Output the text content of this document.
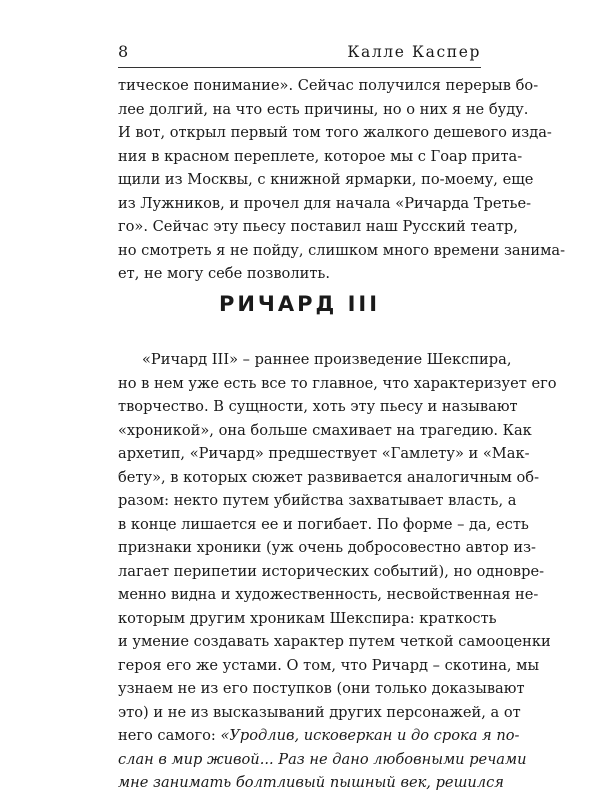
8	Калле Каспер
тическое понимание». Сейчас получился перерыв бо-
лее долгий, на что есть причины, но о них я не буду.
И вот, открыл первый том того жалкого дешевого изда-
ния в красном переплете, которое мы с Гоар прита-
щили из Москвы, с книжной ярмарки, по-моему, еще
из Лужников, и прочел для начала «Ричарда Третье-
го». Сейчас эту пьесу поставил наш Русский театр,
но смотреть я не пойду, слишком много времени занима-
ет, не могу себе позволить.
РИЧАРД III
«Ричард III» – раннее произведение Шекспира,
но в нем уже есть все то главное, что характеризует его
творчество. В сущности, хоть эту пьесу и называют
«хроникой», она больше смахивает на трагедию. Как
архетип, «Ричард» предшествует «Гамлету» и «Мак-
бету», в которых сюжет развивается аналогичным об-
разом: некто путем убийства захватывает власть, а
в конце лишается ее и погибает. По форме – да, есть
признаки хроники (уж очень добросовестно автор из-
лагает перипетии исторических событий), но одновре-
менно видна и художественность, несвойственная не-
которым другим хроникам Шекспира: краткость
и умение создавать характер путем четкой самооценки
героя его же устами. О том, что Ричард – скотина, мы
узнаем не из его поступков (они только доказывают
это) и не из высказываний других персонажей, а от
него самого: «Уродлив, исковеркан и до срока я по-
слан в мир живой... Раз не дано любовными речами
мне занимать болтливый пышный век, решился
